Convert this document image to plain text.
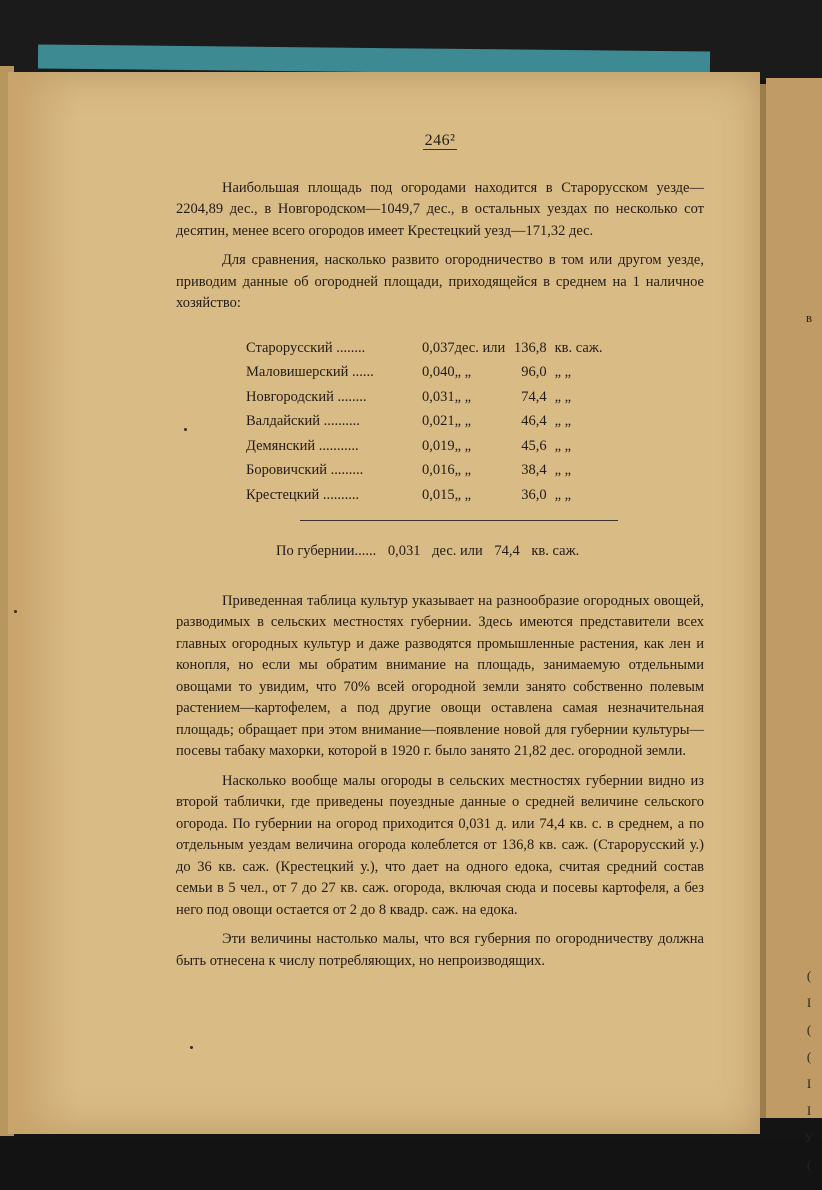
в
(
I
(
(
I
I
У
(
246²

Наибольшая площадь под огородами находится в Старорусском уезде—2204,89 дес., в Новгородском—1049,7 дес., в остальных уездах по несколько сот десятин, менее всего огородов имеет Крестецкий уезд—171,32 дес.

Для сравнения, насколько развито огородничество в том или другом уезде, приводим данные об огородней площади, приходящейся в среднем на 1 наличное хозяйство:

Старорусский ........	0,037	дес. или	136,8	кв. саж.
Маловишерский ......	0,040	„ „	96,0	„ „
Новгородский ........	0,031	„ „	74,4	„ „
Валдайский ..........	0,021	„ „	46,4	„ „
Демянский ...........	0,019	„ „	45,6	„ „
Боровичский .........	0,016	„ „	38,4	„ „
Крестецкий ..........	0,015	„ „	36,0	„ „
По губернии...... 0,031 дес. или 74,4 кв. саж.

Приведенная таблица культур указывает на разнообразие огородных овощей, разводимых в сельских местностях губернии. Здесь имеются представители всех главных огородных культур и даже разводятся промышленные растения, как лен и конопля, но если мы обратим внимание на площадь, занимаемую отдельными овощами то увидим, что 70% всей огородной земли занято собственно полевым растением—картофелем, а под другие овощи оставлена самая незначительная площадь; обращает при этом внимание—появление новой для губернии культуры—посевы табаку махорки, которой в 1920 г. было занято 21,82 дес. огородной земли.

Насколько вообще малы огороды в сельских местностях губернии видно из второй таблички, где приведены поуездные данные о средней величине сельского огорода. По губернии на огород приходится 0,031 д. или 74,4 кв. с. в среднем, а по отдельным уездам величина огорода колеблется от 136,8 кв. саж. (Старорусский у.) до 36 кв. саж. (Крестецкий у.), что дает на одного едока, считая средний состав семьи в 5 чел., от 7 до 27 кв. саж. огорода, включая сюда и посевы картофеля, а без него под овощи остается от 2 до 8 квадр. саж. на едока.

Эти величины настолько малы, что вся губерния по огородничеству должна быть отнесена к числу потребляющих, но непроизводящих.
